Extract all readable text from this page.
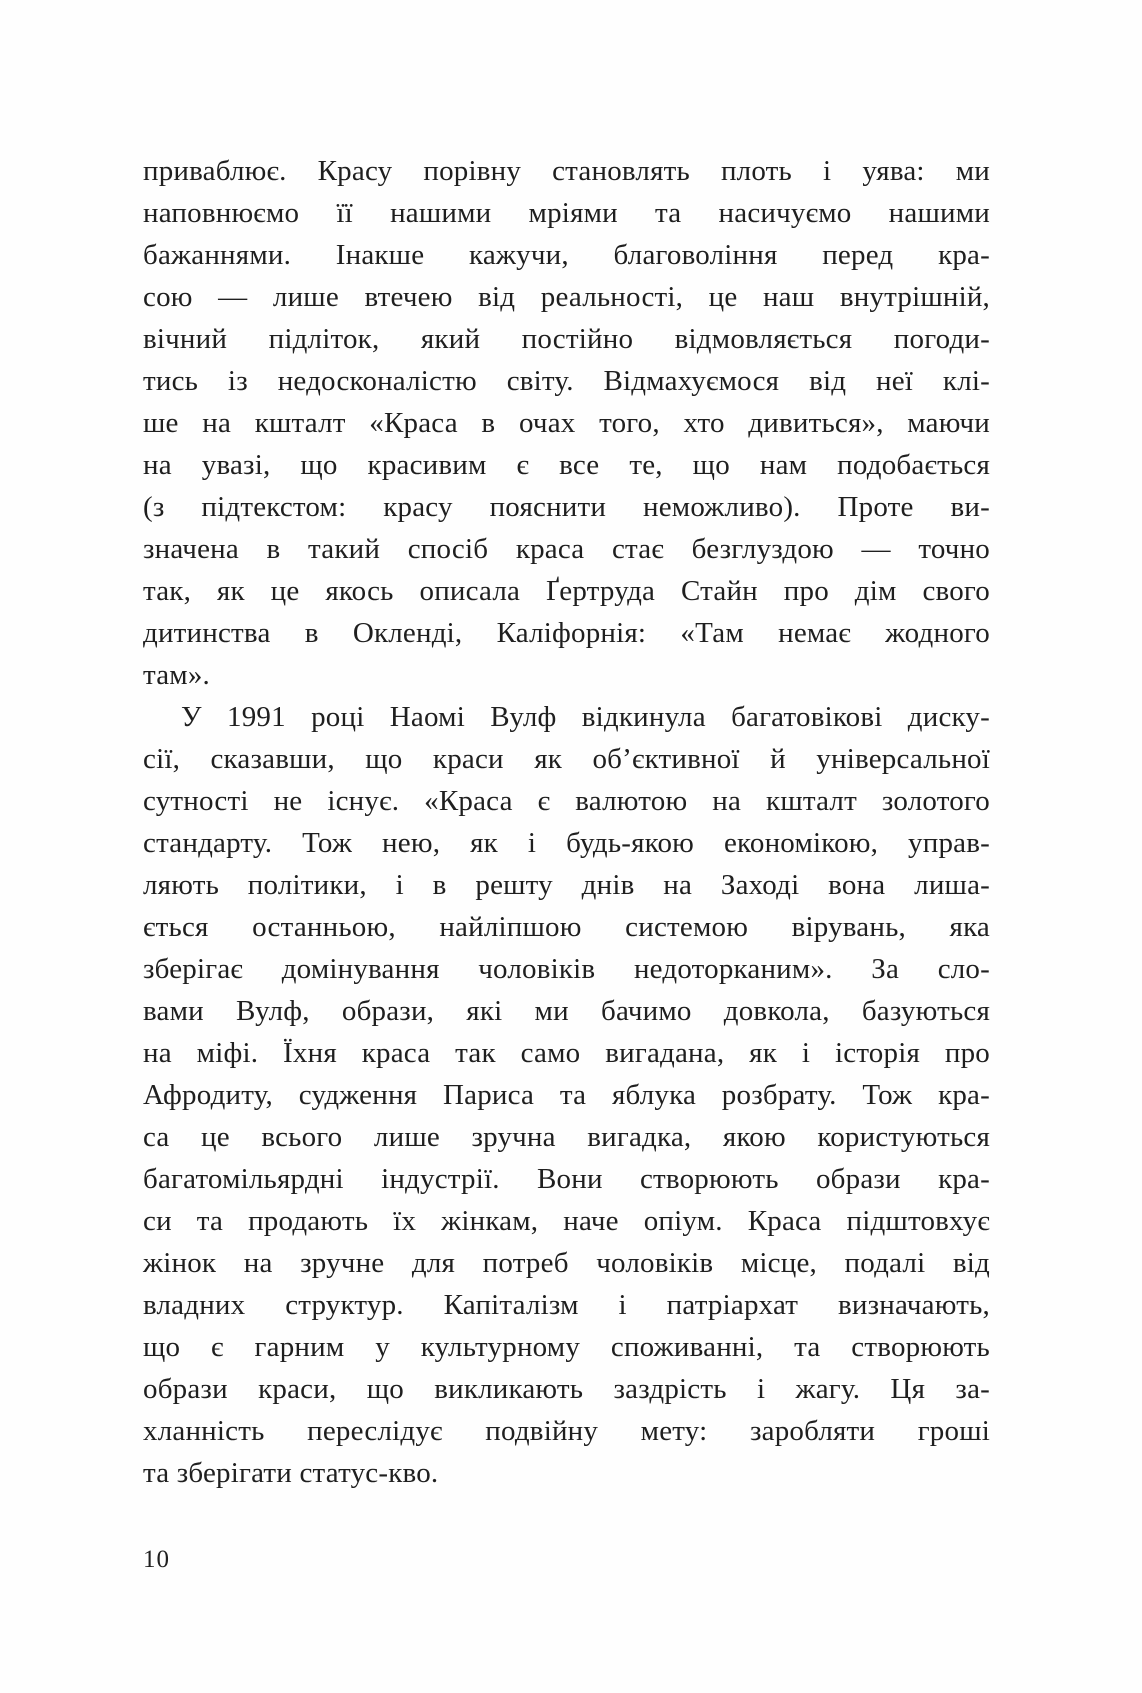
приваблює. Красу порівну становлять плоть і уява: ми
наповнюємо її нашими мріями та насичуємо нашими
бажаннями. Інакше кажучи, благовоління перед кра-
сою — лише втечею від реальності, це наш внутрішній,
вічний підліток, який постійно відмовляється погоди-
тись із недосконалістю світу. Відмахуємося від неї клі-
ше на кшталт «Краса в очах того, хто дивиться», маючи
на увазі, що красивим є все те, що нам подобається
(з підтекстом: красу пояснити неможливо). Проте ви-
значена в такий спосіб краса стає безглуздою — точно
так, як це якось описала Ґертруда Стайн про дім свого
дитинства в Окленді, Каліфорнія: «Там немає жодного
там».
У 1991 році Наомі Вулф відкинула багатовікові диску-
сії, сказавши, що краси як об’єктивної й універсальної
сутності не існує. «Краса є валютою на кшталт золотого
стандарту. Тож нею, як і будь-якою економікою, управ-
ляють політики, і в решту днів на Заході вона лиша-
ється останньою, найліпшою системою вірувань, яка
зберігає домінування чоловіків недоторканим». За сло-
вами Вулф, образи, які ми бачимо довкола, базуються
на міфі. Їхня краса так само вигадана, як і історія про
Афродиту, судження Париса та яблука розбрату. Тож кра-
са це всього лише зручна вигадка, якою користуються
багатомільярдні індустрії. Вони створюють образи кра-
си та продають їх жінкам, наче опіум. Краса підштовхує
жінок на зручне для потреб чоловіків місце, подалі від
владних структур. Капіталізм і патріархат визначають,
що є гарним у культурному споживанні, та створюють
образи краси, що викликають заздрість і жагу. Ця за-
хланність переслідує подвійну мету: заробляти гроші
та зберігати статус-кво.
10
